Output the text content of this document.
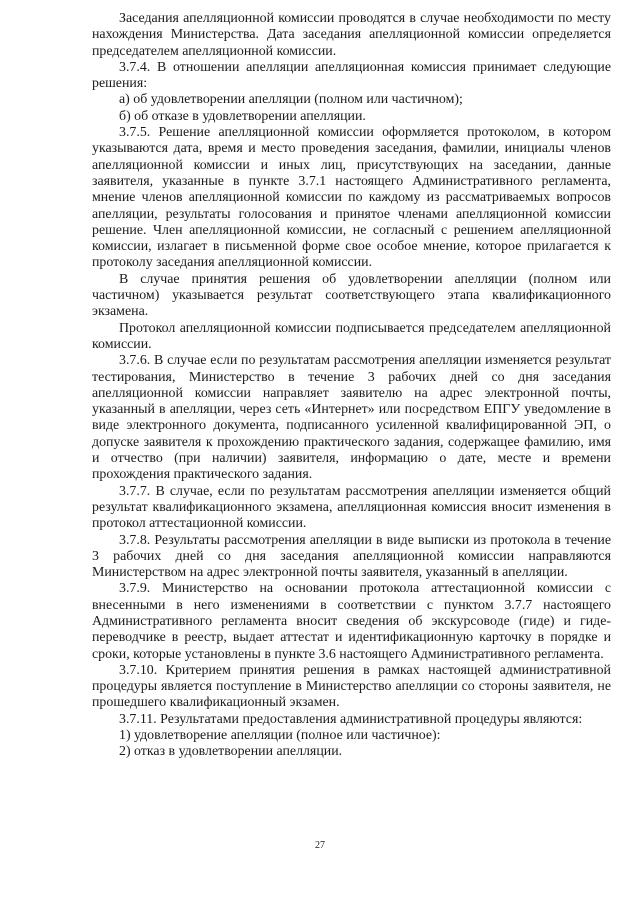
Заседания апелляционной комиссии проводятся в случае необходимости по месту нахождения Министерства. Дата заседания апелляционной комиссии определяется председателем апелляционной комиссии.

3.7.4. В отношении апелляции апелляционная комиссия принимает следующие решения:

а) об удовлетворении апелляции (полном или частичном);

б) об отказе в удовлетворении апелляции.

3.7.5. Решение апелляционной комиссии оформляется протоколом, в котором указываются дата, время и место проведения заседания, фамилии, инициалы членов апелляционной комиссии и иных лиц, присутствующих на заседании, данные заявителя, указанные в пункте 3.7.1 настоящего Административного регламента, мнение членов апелляционной комиссии по каждому из рассматриваемых вопросов апелляции, результаты голосования и принятое членами апелляционной комиссии решение. Член апелляционной комиссии, не согласный с решением апелляционной комиссии, излагает в письменной форме свое особое мнение, которое прилагается к протоколу заседания апелляционной комиссии.

В случае принятия решения об удовлетворении апелляции (полном или частичном) указывается результат соответствующего этапа квалификационного экзамена.

Протокол апелляционной комиссии подписывается председателем апелляционной комиссии.

3.7.6. В случае если по результатам рассмотрения апелляции изменяется результат тестирования, Министерство в течение 3 рабочих дней со дня заседания апелляционной комиссии направляет заявителю на адрес электронной почты, указанный в апелляции, через сеть «Интернет» или посредством ЕПГУ уведомление в виде электронного документа, подписанного усиленной квалифицированной ЭП, о допуске заявителя к прохождению практического задания, содержащее фамилию, имя и отчество (при наличии) заявителя, информацию о дате, месте и времени прохождения практического задания.

3.7.7. В случае, если по результатам рассмотрения апелляции изменяется общий результат квалификационного экзамена, апелляционная комиссия вносит изменения в протокол аттестационной комиссии.

3.7.8. Результаты рассмотрения апелляции в виде выписки из протокола в течение 3 рабочих дней со дня заседания апелляционной комиссии направляются Министерством на адрес электронной почты заявителя, указанный в апелляции.

3.7.9. Министерство на основании протокола аттестационной комиссии с внесенными в него изменениями в соответствии с пунктом 3.7.7 настоящего Административного регламента вносит сведения об экскурсоводе (гиде) и гиде-переводчике в реестр, выдает аттестат и идентификационную карточку в порядке и сроки, которые установлены в пункте 3.6 настоящего Административного регламента.

3.7.10. Критерием принятия решения в рамках настоящей административной процедуры является поступление в Министерство апелляции со стороны заявителя, не прошедшего квалификационный экзамен.

3.7.11. Результатами предоставления административной процедуры являются:

1) удовлетворение апелляции (полное или частичное):

2) отказ в удовлетворении апелляции.

27
